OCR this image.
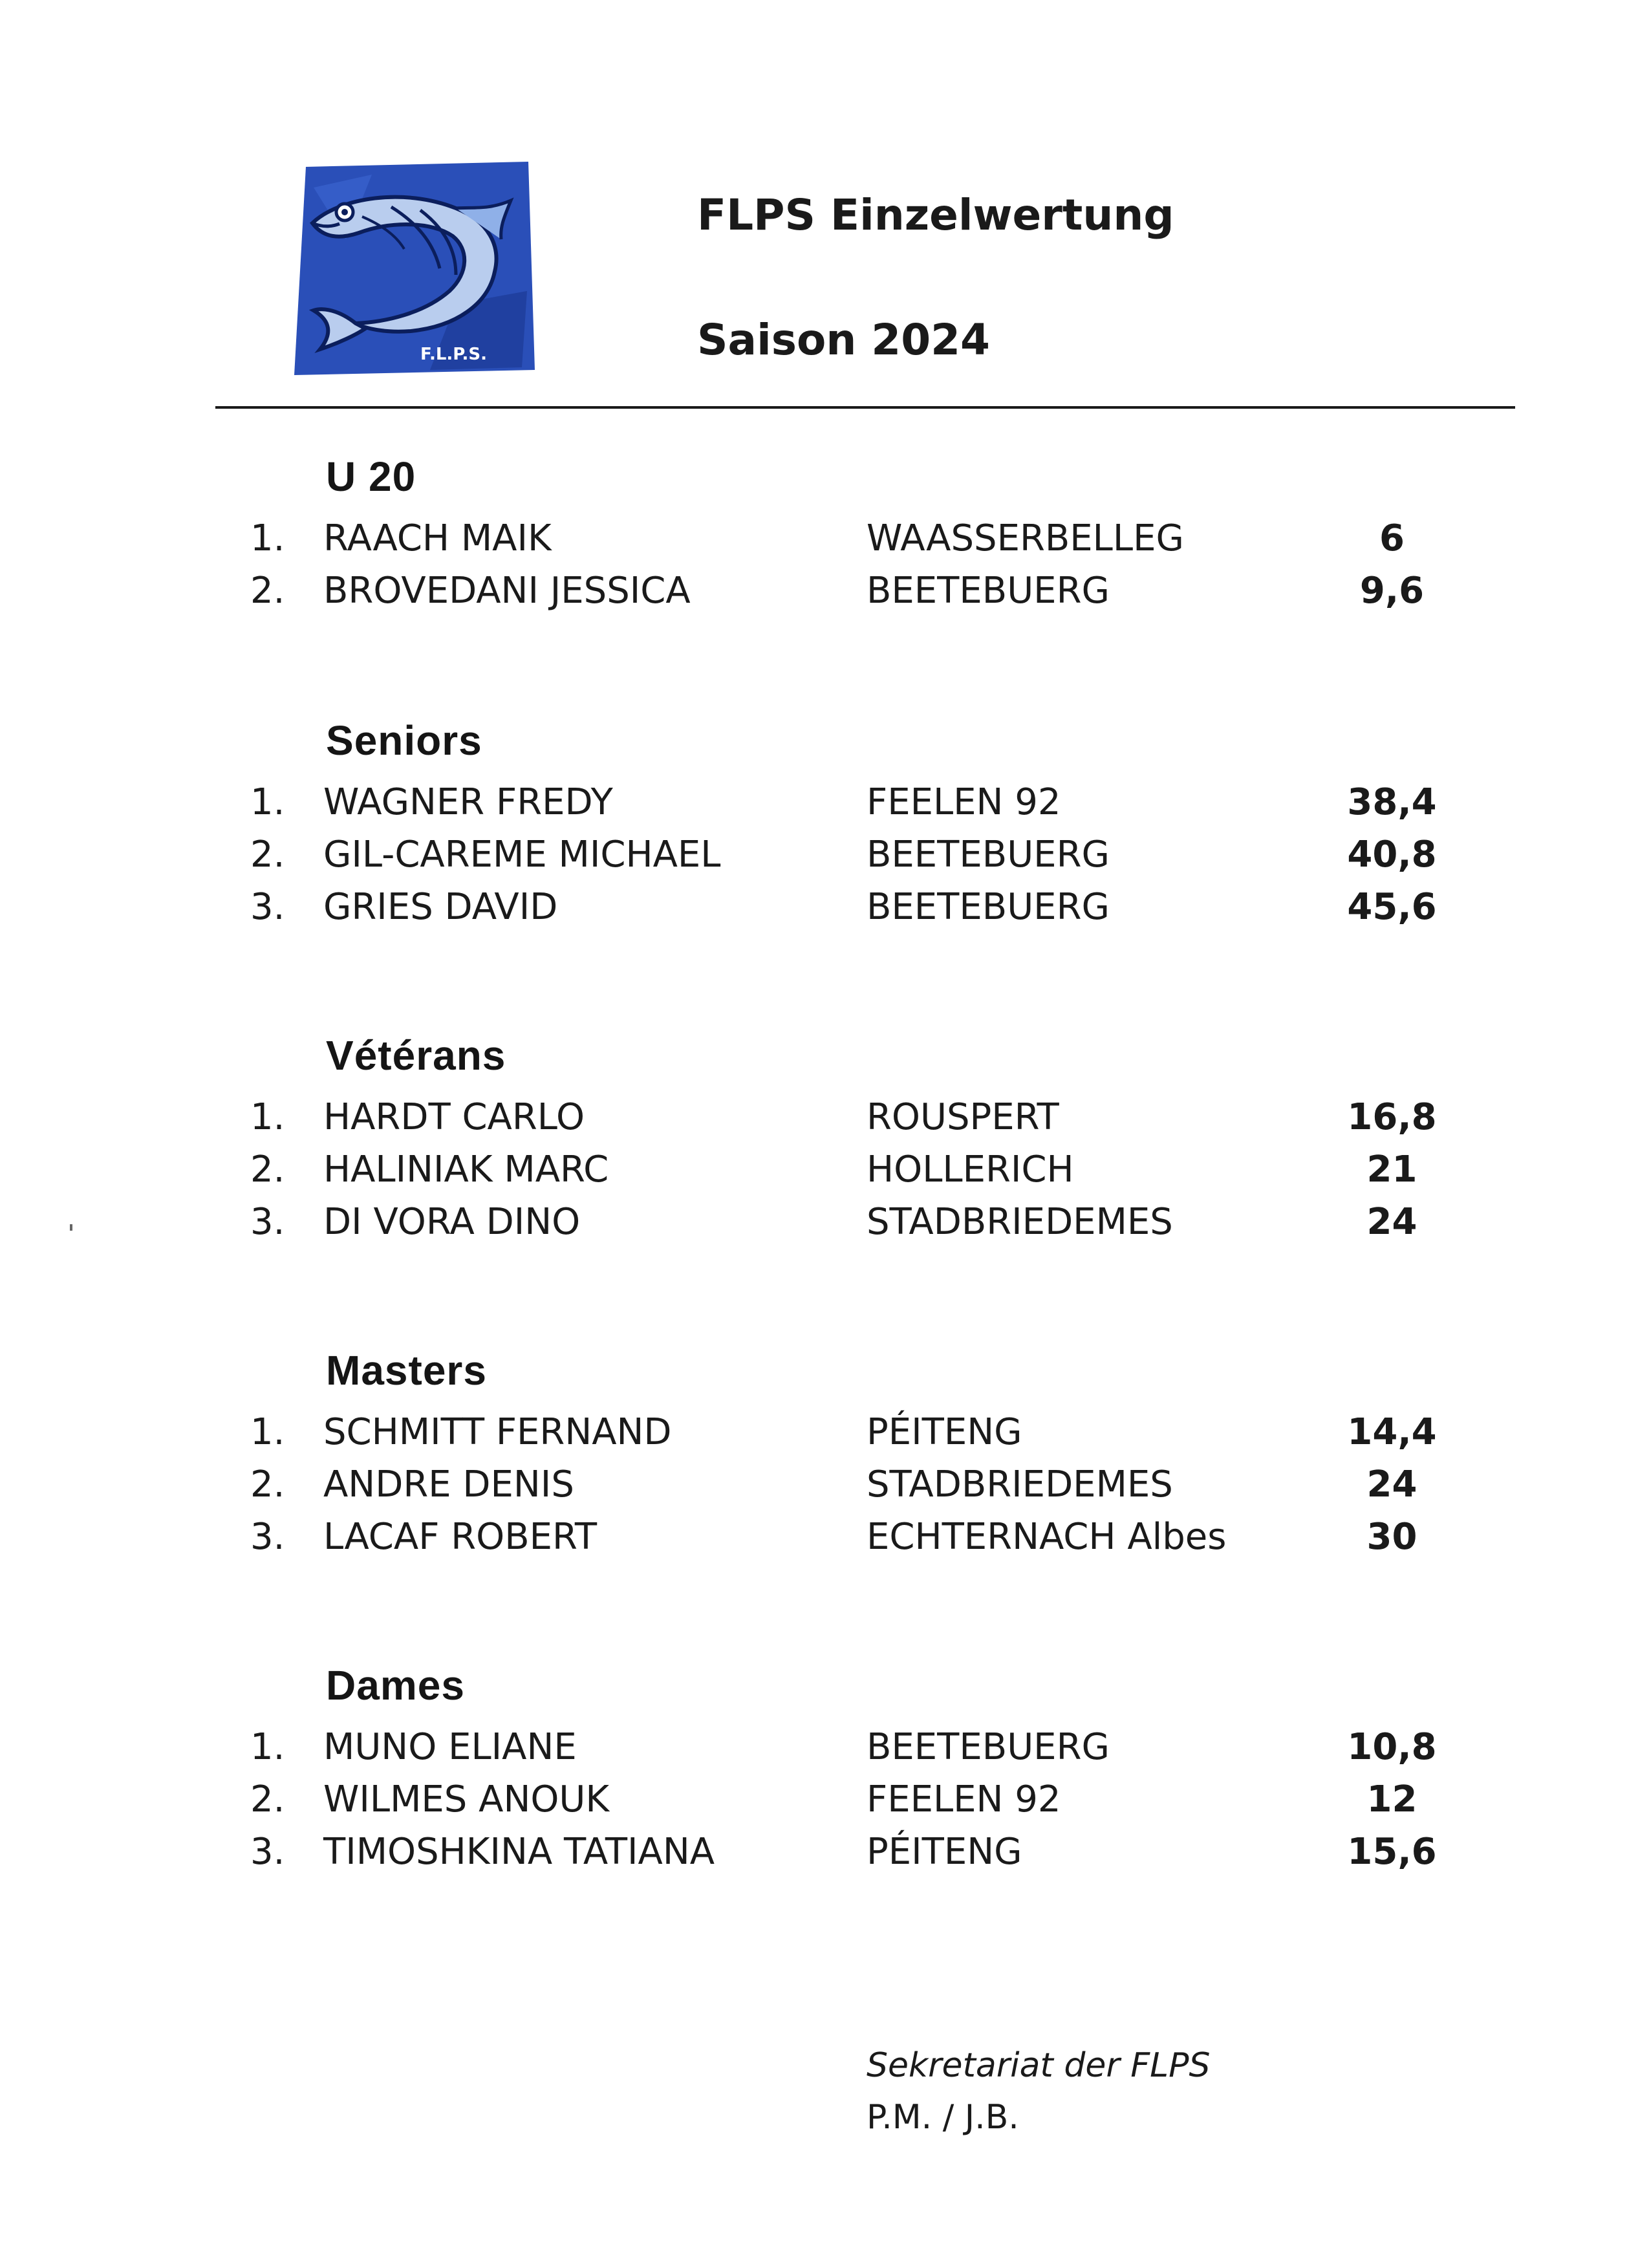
F.L.P.S.
FLPS Einzelwertung
Saison 2024
U 20
1. RAACH MAIK	WAASSERBELLEG	6
2. BROVEDANI JESSICA	BEETEBUERG	9,6
Seniors
1. WAGNER FREDY	FEELEN 92	38,4
2. GIL-CAREME MICHAEL	BEETEBUERG	40,8
3. GRIES DAVID	BEETEBUERG	45,6
Vétérans
1. HARDT CARLO	ROUSPERT	16,8
2. HALINIAK MARC	HOLLERICH	21
3. DI VORA DINO	STADBRIEDEMES	24
Masters
1. SCHMITT FERNAND	PÉITENG	14,4
2. ANDRE DENIS	STADBRIEDEMES	24
3. LACAF ROBERT	ECHTERNACH Albes	30
Dames
1. MUNO ELIANE	BEETEBUERG	10,8
2. WILMES ANOUK	FEELEN 92	12
3. TIMOSHKINA TATIANA	PÉITENG	15,6
Sekretariat der FLPS
P.M. / J.B.
